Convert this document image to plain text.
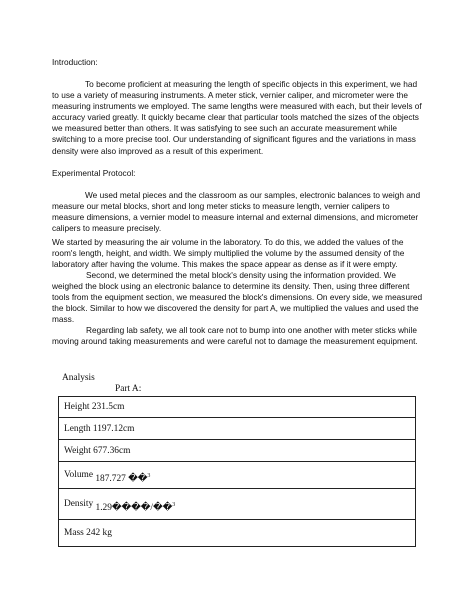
Introduction:

To become proficient at measuring the length of specific objects in this experiment, we had to use a variety of measuring instruments. A meter stick, vernier caliper, and micrometer were the measuring instruments we employed. The same lengths were measured with each, but their levels of accuracy varied greatly. It quickly became clear that particular tools matched the sizes of the objects we measured better than others. It was satisfying to see such an accurate measurement while switching to a more precise tool. Our understanding of significant figures and the variations in mass density were also improved as a result of this experiment.

Experimental Protocol:

We used metal pieces and the classroom as our samples, electronic balances to weigh and measure our metal blocks, short and long meter sticks to measure length, vernier calipers to measure dimensions, a vernier model to measure internal and external dimensions, and micrometer calipers to measure precisely.

We started by measuring the air volume in the laboratory. To do this, we added the values of the room's length, height, and width. We simply multiplied the volume by the assumed density of the laboratory after having the volume. This makes the space appear as dense as if it were empty.

Second, we determined the metal block's density using the information provided. We weighed the block using an electronic balance to determine its density. Then, using three different tools from the equipment section, we measured the block's dimensions. On every side, we measured the block. Similar to how we discovered the density for part A, we multiplied the values and used the mass.

Regarding lab safety, we all took care not to bump into one another with meter sticks while moving around taking measurements and were careful not to damage the measurement equipment.

Analysis
Part A:
Height 231.5cm
Length 1197.12cm
Weight 677.36cm
Volume 187.727 ��$^3$
Density 1.29����/��$^3$
Mass 242 kg
